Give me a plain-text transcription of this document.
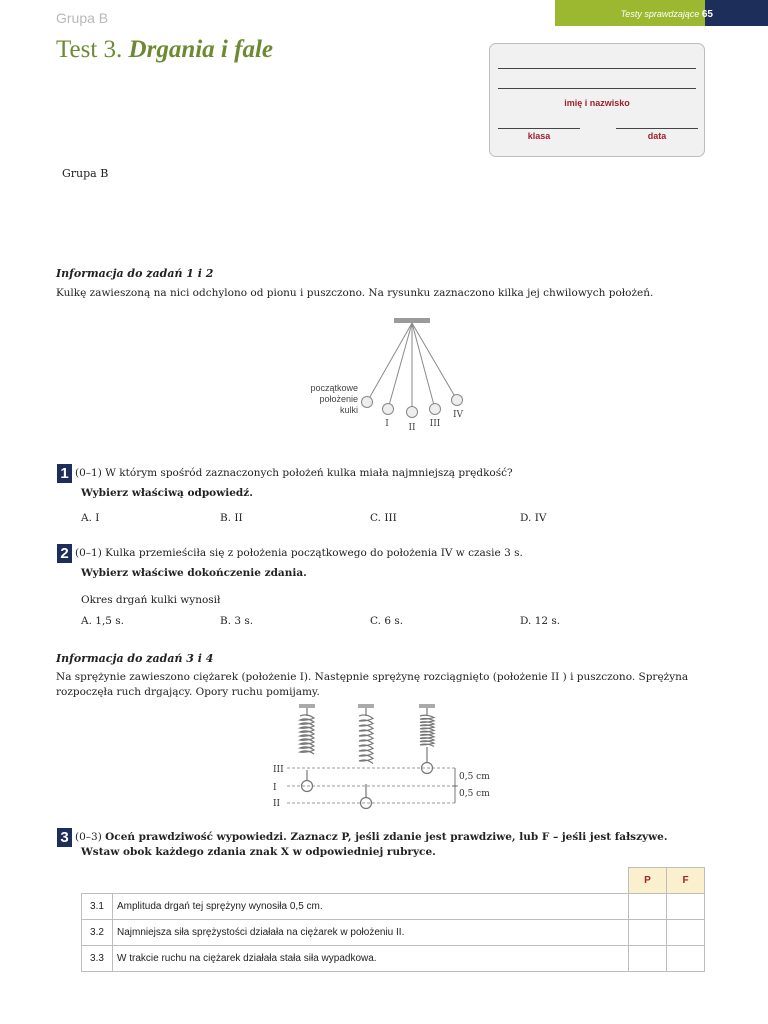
Grupa B	Testy sprawdzające 65
Test 3. Drgania i fale
imię i nazwisko
klasa	data
Grupa B
Informacja do zadań 1 i 2
Kulkę zawieszoną na nici odchylono od pionu i puszczono. Na rysunku zaznaczono kilka jej chwilowych położeń.
początkowe
położenie
kulki
I II III
IV
1 (0–1) W którym spośród zaznaczonych położeń kulka miała najmniejszą prędkość?
Wybierz właściwą odpowiedź.
A. I	B. II	C. III	D. IV
2 (0–1) Kulka przemieściła się z położenia początkowego do położenia IV w czasie 3 s.
Wybierz właściwe dokończenie zdania.
Okres drgań kulki wynosił
A. 1,5 s.	B. 3 s.	C. 6 s.	D. 12 s.
Informacja do zadań 3 i 4
Na sprężynie zawieszono ciężarek (położenie I). Następnie sprężynę rozciągnięto (położenie II ) i puszczono. Sprężyna
rozpoczęła ruch drgający. Opory ruchu pomijamy.
III
I
II
0,5 cm
0,5 cm
3 (0–3) Oceń prawdziwość wypowiedzi. Zaznacz P, jeśli zdanie jest prawdziwe, lub F – jeśli jest fałszywe.
Wstaw obok każdego zdania znak X w odpowiedniej rubryce.
		P	F
3.1	Amplituda drgań tej sprężyny wynosiła 0,5 cm.		
3.2	Najmniejsza siła sprężystości działała na ciężarek w położeniu II.		
3.3	W trakcie ruchu na ciężarek działała stała siła wypadkowa.		
